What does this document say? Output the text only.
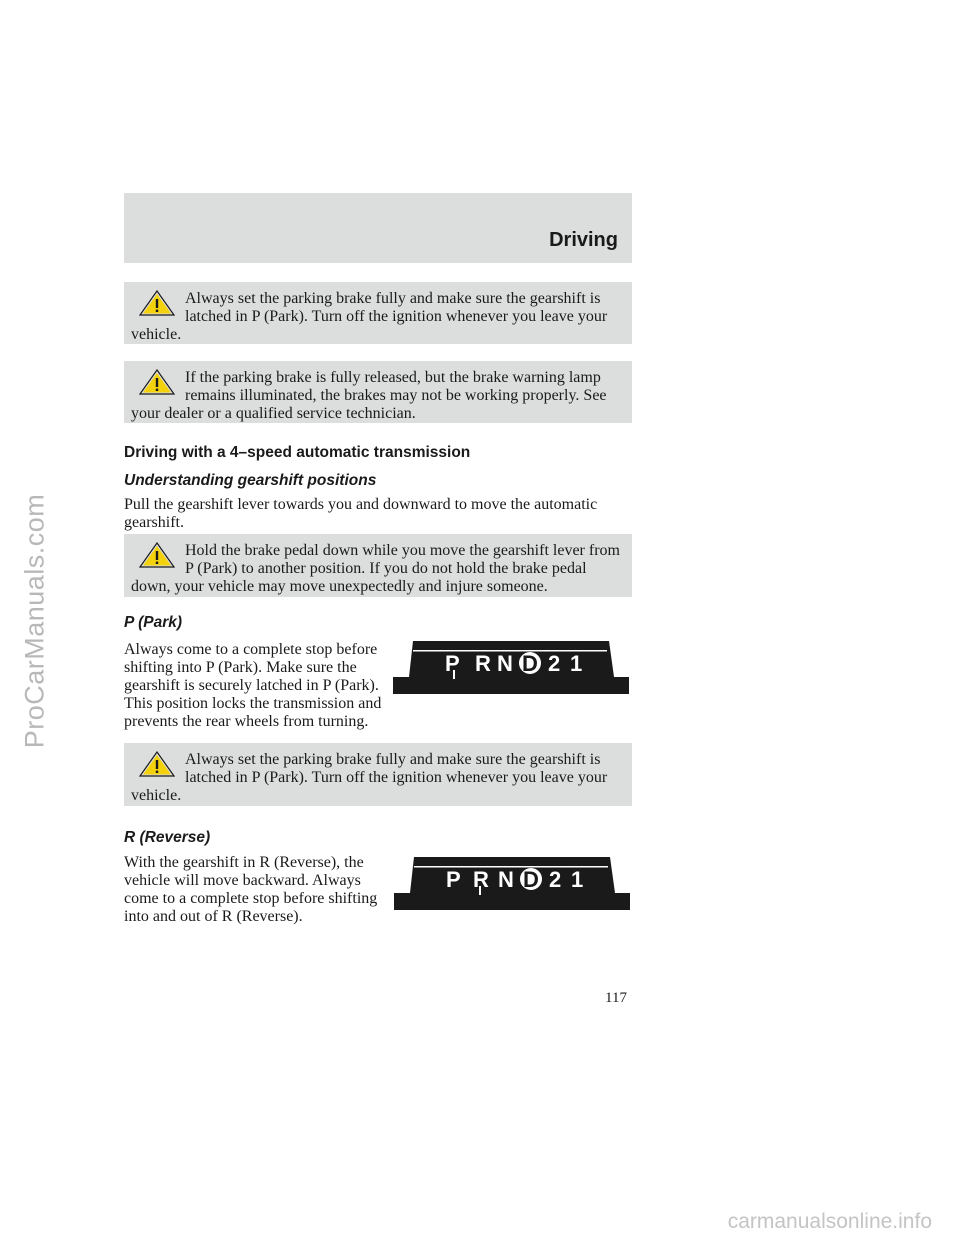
ProCarManuals.com
Driving

Always set the parking brake fully and make sure the gearshift is latched in P (Park). Turn off the ignition whenever you leave your vehicle.

If the parking brake is fully released, but the brake warning lamp remains illuminated, the brakes may not be working properly. See your dealer or a qualified service technician.

Driving with a 4–speed automatic transmission
Understanding gearshift positions

Pull the gearshift lever towards you and downward to move the automatic gearshift.

Hold the brake pedal down while you move the gearshift lever from P (Park) to another position. If you do not hold the brake pedal down, your vehicle may move unexpectedly and injure someone.

P (Park)

Always come to a complete stop before shifting into P (Park). Make sure the gearshift is securely latched in P (Park). This position locks the transmission and prevents the rear wheels from turning.

P R N D 2 1

Always set the parking brake fully and make sure the gearshift is latched in P (Park). Turn off the ignition whenever you leave your vehicle.

R (Reverse)

With the gearshift in R (Reverse), the vehicle will move backward. Always come to a complete stop before shifting into and out of R (Reverse).

P R N D 2 1
117
carmanualsonline.info
